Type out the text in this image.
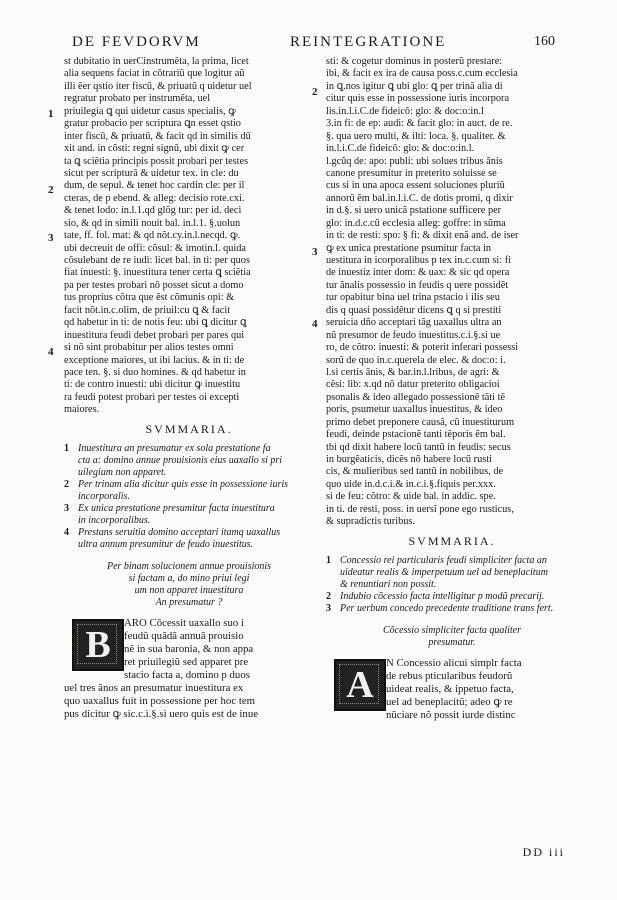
DE FEVDORVM	REINTEGRATIONE	160
st dubitatio in uerCinstrumẽta, la prima, licet
alia sequens faciat in cõtrariũ que logitur aũ
illi ẽer qstio iter fiscũ, & priuatũ q uidetur uel
regratur probato per instrumẽta, uel
priuilegia ꝗ qui uidetur casus specialis, ꝙ
gratur probacio per scriptura ꝗn esset qstio
inter fiscũ, & priuatũ, & facit qd in similis dũ
xit and. in cõsti: regni signũ, ubi dixit ꝙ cer
ta ꝗ sciẽtia principis possit probari per testes
sicut per scripturã & uidetur tex. in cle: du
dum, de sepul. & tenet hoc cardin cle: per il
cteras, de p ebend. & alleg: decisio rote.cxi.
& tenet lodo: in.l.1.qd glõg tur: per id. deci
sio, & qd in simili nouit bal. in.l.1. §.uolun
tate, ff. fol. mat: & qd nõt.cy.in.l.necqd. ꝙ.
ubi decreuit de offi: cõsul: & imotin.l. quida
cõsulebant de re iudi: licet bal. in ti: per quos
fiat inuesti: §. inuestitura tener certa ꝗ sciẽtia
pa per testes probari nõ posset sicut a domo
tus proprius cõtra que ẽst cõmunis opi: &
facit nõt.in.c.olim, de priuil:cu ꝗ & facit
qd habetur in ti: de notis feu: ubi ꝗ dicitur ꝗ
inuestitura feudi debet probari per pares qui
si nõ sint probabitur per alios testes omni
exceptione maiores, ut ibi lacius. & in ti: de
pace ten. §. si duo homines. & qd habetur in
ti: de contro inuesti: ubi dicitur ꝙ inuestitu
ra feudi potest probari per testes oi excepti
maiores.
1
2
3
4
SVMMARIA.
1 Inuestitura an presumatur ex sola prestatione fa
cta a: domino annue prouisionis eius uaxallo si pri
uilegium non apparet.
2 Per trinam alia dicitur quis esse in possessione iuris
incorporalis.
3 Ex unica prestatione presumitur facta inuestitura
in incorporalibus.
4 Prestans seruitia domino acceptari itamq uaxallus
ultra annum presumitur de feudo inuestitus.
Per binam solucionem annue prouisionis
si factam a, do mino priui legi
um non apparet inuestitura
An presumatur ?
B
ARO Cõcessit uaxallo suo i
feudũ quãdã annuã prouisio
nẽ in sua baronia, & non appa
ret priuilegiũ sed apparet pre
stacio facta a, domino p duos
uel tres ãnos an presumatur inuestitura ex
quo uaxallus fuit in possessione per hoc tem
pus dicitur ꝙ sic.c.i.§.si uero quis est de inue
sti: & cogetur dominus in posterũ prestare:
ibi, & facit ex ira de causa poss.c.cum ecclesia
in ꝗ.nos igitur ꝗ ubi glo: ꝗ per trinã alia di
citur quis esse in possessione iuris incorpora
lis.in.l.i.C.de fideicõ: glo: & doc:o:in.l
3.in fi: de ep: audi: & facit glo: in auct. de re.
§. qua uero multi, & ilti: loca. §. qualiter. &
in.l.i.C.de fideicõ: glo: & doc:o:in.l.
l.gcũq de: apo: publi: ubi solues tribus ãnis
canone presumitur in preterito soluisse se
cus si in una apoca essent soluciones pluriũ
annorũ ẽm bal.in.l.i.C. de dotis promi, q dixir
in d.§. si uero unicã pstatione sufficere per
glo: in.d.c.cũ ecclesia alleg: goffre: in sũma
in ti: de resti: spo: § fi: & dixit enã and. de iser
ꝙ ex unica prestatione psumitur facta in
uestitura in icorporalibus p tex in.c.cum si: fi
de inuestiz inter dom: & uax: & sic qd opera
tur ãnalis possessio in feudis q uere possidẽt
tur opabitur bina uel trina pstacio i ilis seu
dis q quasi possidẽtur dicens ꝗ q si prestiti
seruicia dño acceptari tãg uaxallus ultra an
nũ presumor de feudo inuestitus.c.i.§.si ue
ro, de cõtro: inuesti: & poterit inferari possessi
sorũ de quo in.c.querela de elec. & doc:o: i.
l.si certis ãnis, & bar.in.l.lribus, de agri: &
cẽsi: lib: x.qd nõ datur preterito obligacioi
psonalis & ideo allegado possessionẽ tãti tẽ
poris, psumetur uaxallus inuestitus, & ideo
primo debet preponere causã, cũ inuestiturum
feudi, deinde pstacionẽ tanti tẽporis ẽm bal.
tbi qd dixit habere locũ tantũ in feudis: secus
in burgẽaticis, dicẽs nõ habere locũ rusti
cis, & mulieribus sed tantũ in nobilibus, de
quo uide in.d.c.i.& in.c.i.§.fiquis per.xxx.
si de feu: cõtro: & uide bal. in addic. spe.
in ti. de resti, poss. in uersĩ pone ego rusticus,
& supradictis turibus.
2
3
4
SVMMARIA.
1 Concessio rei particularis feudi simpliciter facta an
uideatur realis & imperpetuum uel ad beneplacitum
& renuntiari non possit.
2 Indubio cõcessio facta intelligitur p modũ precarij.
3 Per uerbum concedo precedente traditione trans fert.
Cõcessio simpliciter facta qualiter
presumatur.
A
N Concessio alicui simplr facta
de rebus pticularibus feudorũ
uideat realis, & ippetuo facta,
uel ad beneplacitũ; adeo ꝙ re
nũciare nõ possit iurde distinc
DD iii
